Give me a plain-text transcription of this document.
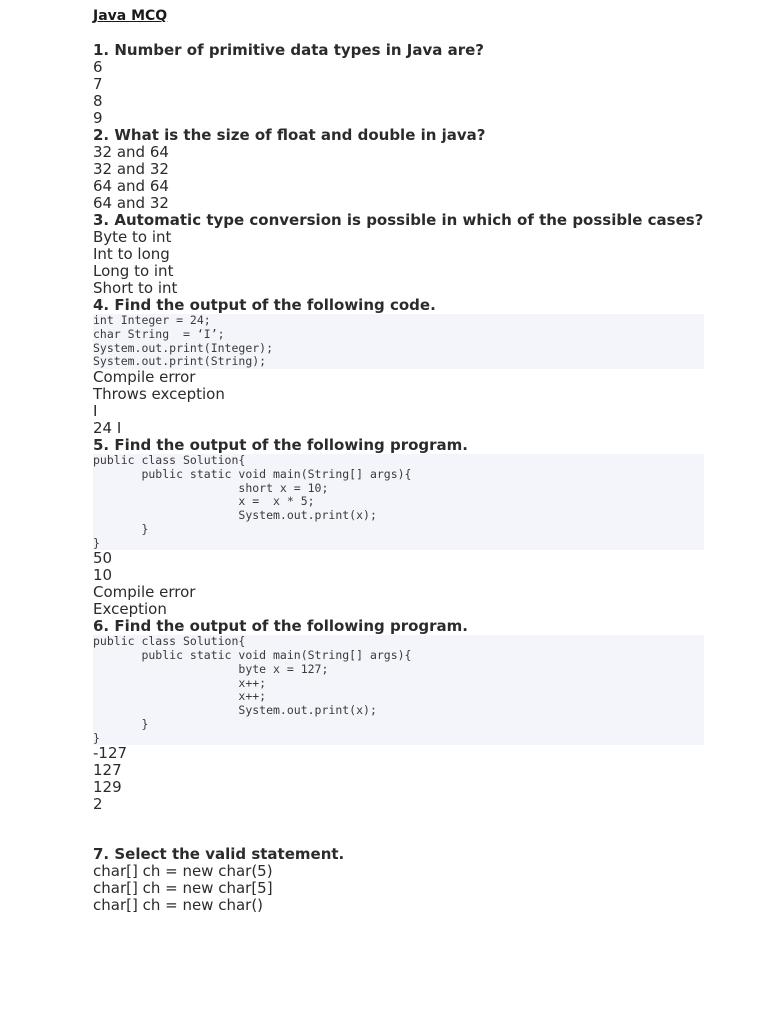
Java MCQ

1. Number of primitive data types in Java are?

6

7

8

9

2. What is the size of float and double in java?

32 and 64

32 and 32

64 and 64

64 and 32

3. Automatic type conversion is possible in which of the possible cases?

Byte to int

Int to long

Long to int

Short to int

4. Find the output of the following code.

int Integer = 24;
char String  = ‘I’;
System.out.print(Integer);
System.out.print(String);

Compile error

Throws exception

I

24 I

5. Find the output of the following program.

public class Solution{
public static void main(String[] args){
short x = 10;
x =  x * 5;
System.out.print(x);
}
}

50

10

Compile error

Exception

6. Find the output of the following program.

public class Solution{
public static void main(String[] args){
byte x = 127;
x++;
x++;
System.out.print(x);
}
}

-127

127

129

2

7. Select the valid statement.

char[] ch = new char(5)

char[] ch = new char[5]

char[] ch = new char()
